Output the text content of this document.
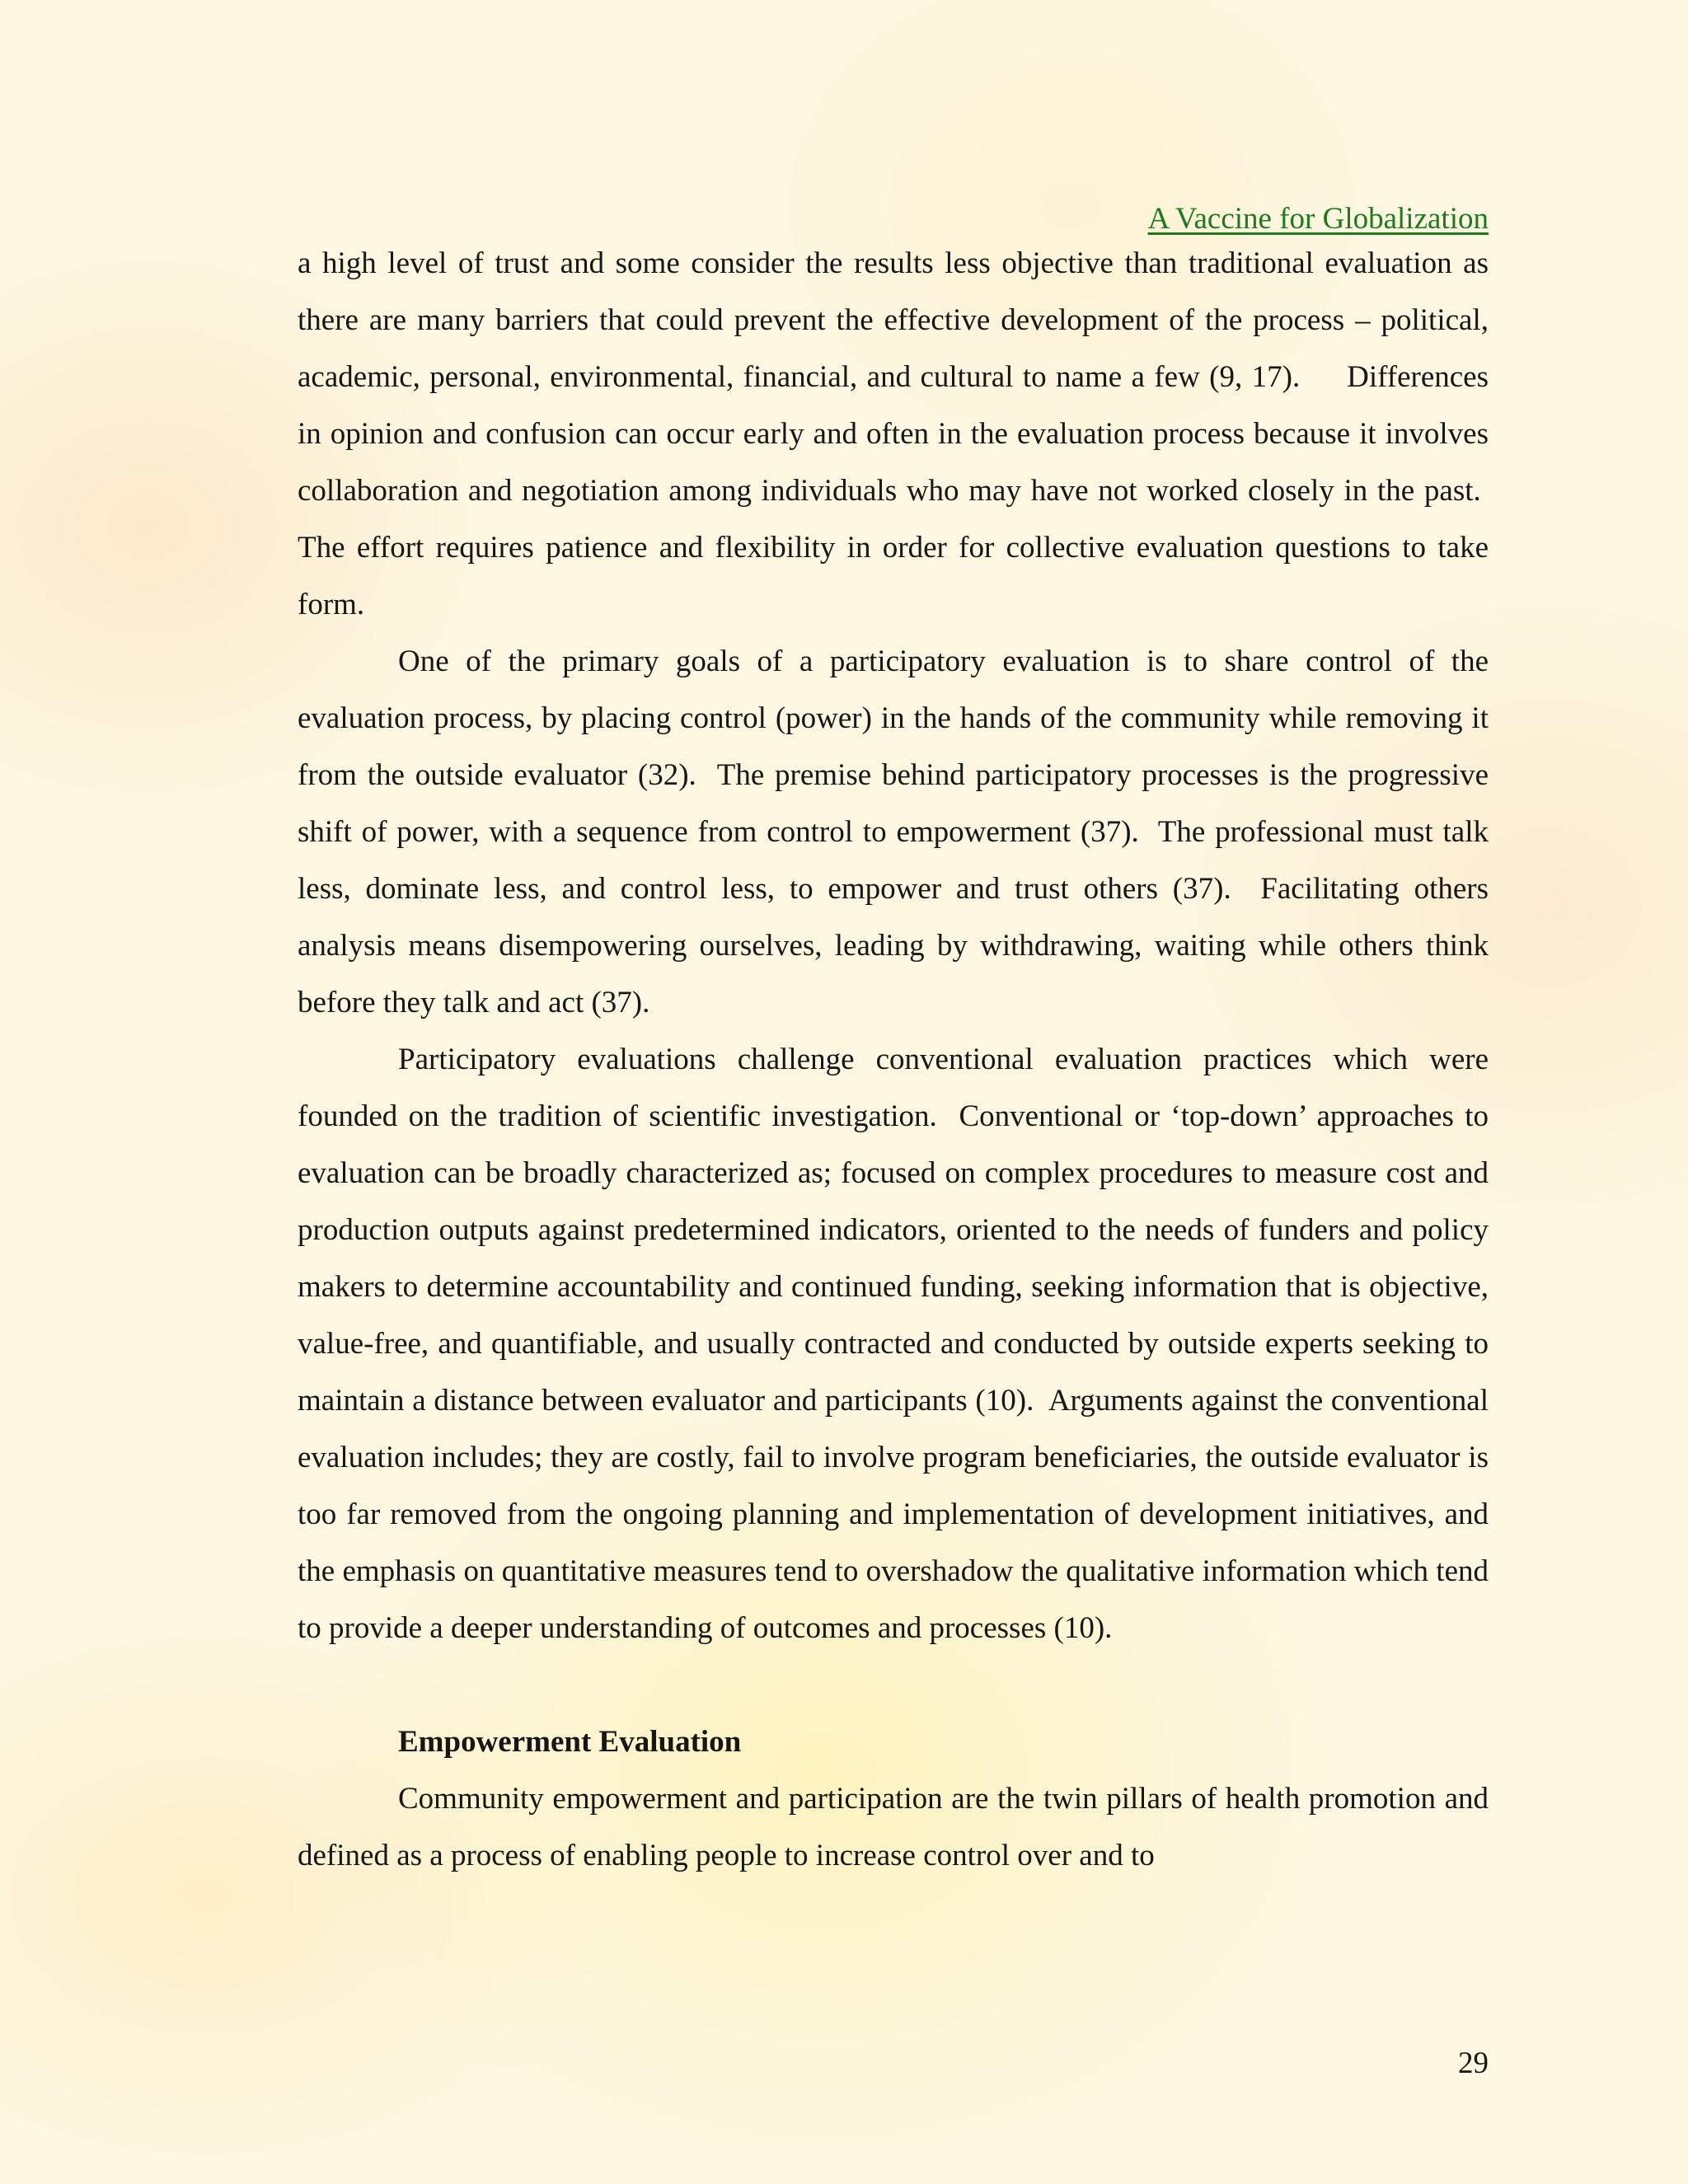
A Vaccine for Globalization

a high level of trust and some consider the results less objective than traditional evaluation as there are many barriers that could prevent the effective development of the process – political, academic, personal, environmental, financial, and cultural to name a few (9, 17).     Differences in opinion and confusion can occur early and often in the evaluation process because it involves collaboration and negotiation among individuals who may have not worked closely in the past.  The effort requires patience and flexibility in order for collective evaluation questions to take form.

One of the primary goals of a participatory evaluation is to share control of the evaluation process, by placing control (power) in the hands of the community while removing it from the outside evaluator (32).  The premise behind participatory processes is the progressive shift of power, with a sequence from control to empowerment (37).  The professional must talk less, dominate less, and control less, to empower and trust others (37).  Facilitating others analysis means disempowering ourselves, leading by withdrawing, waiting while others think before they talk and act (37).

Participatory evaluations challenge conventional evaluation practices which were founded on the tradition of scientific investigation.  Conventional or ‘top-down’ approaches to evaluation can be broadly characterized as; focused on complex procedures to measure cost and production outputs against predetermined indicators, oriented to the needs of funders and policy makers to determine accountability and continued funding, seeking information that is objective, value-free, and quantifiable, and usually contracted and conducted by outside experts seeking to maintain a distance between evaluator and participants (10).  Arguments against the conventional evaluation includes; they are costly, fail to involve program beneficiaries, the outside evaluator is too far removed from the ongoing planning and implementation of development initiatives, and the emphasis on quantitative measures tend to overshadow the qualitative information which tend to provide a deeper understanding of outcomes and processes (10).

Empowerment Evaluation

Community empowerment and participation are the twin pillars of health promotion and defined as a process of enabling people to increase control over and to

29
